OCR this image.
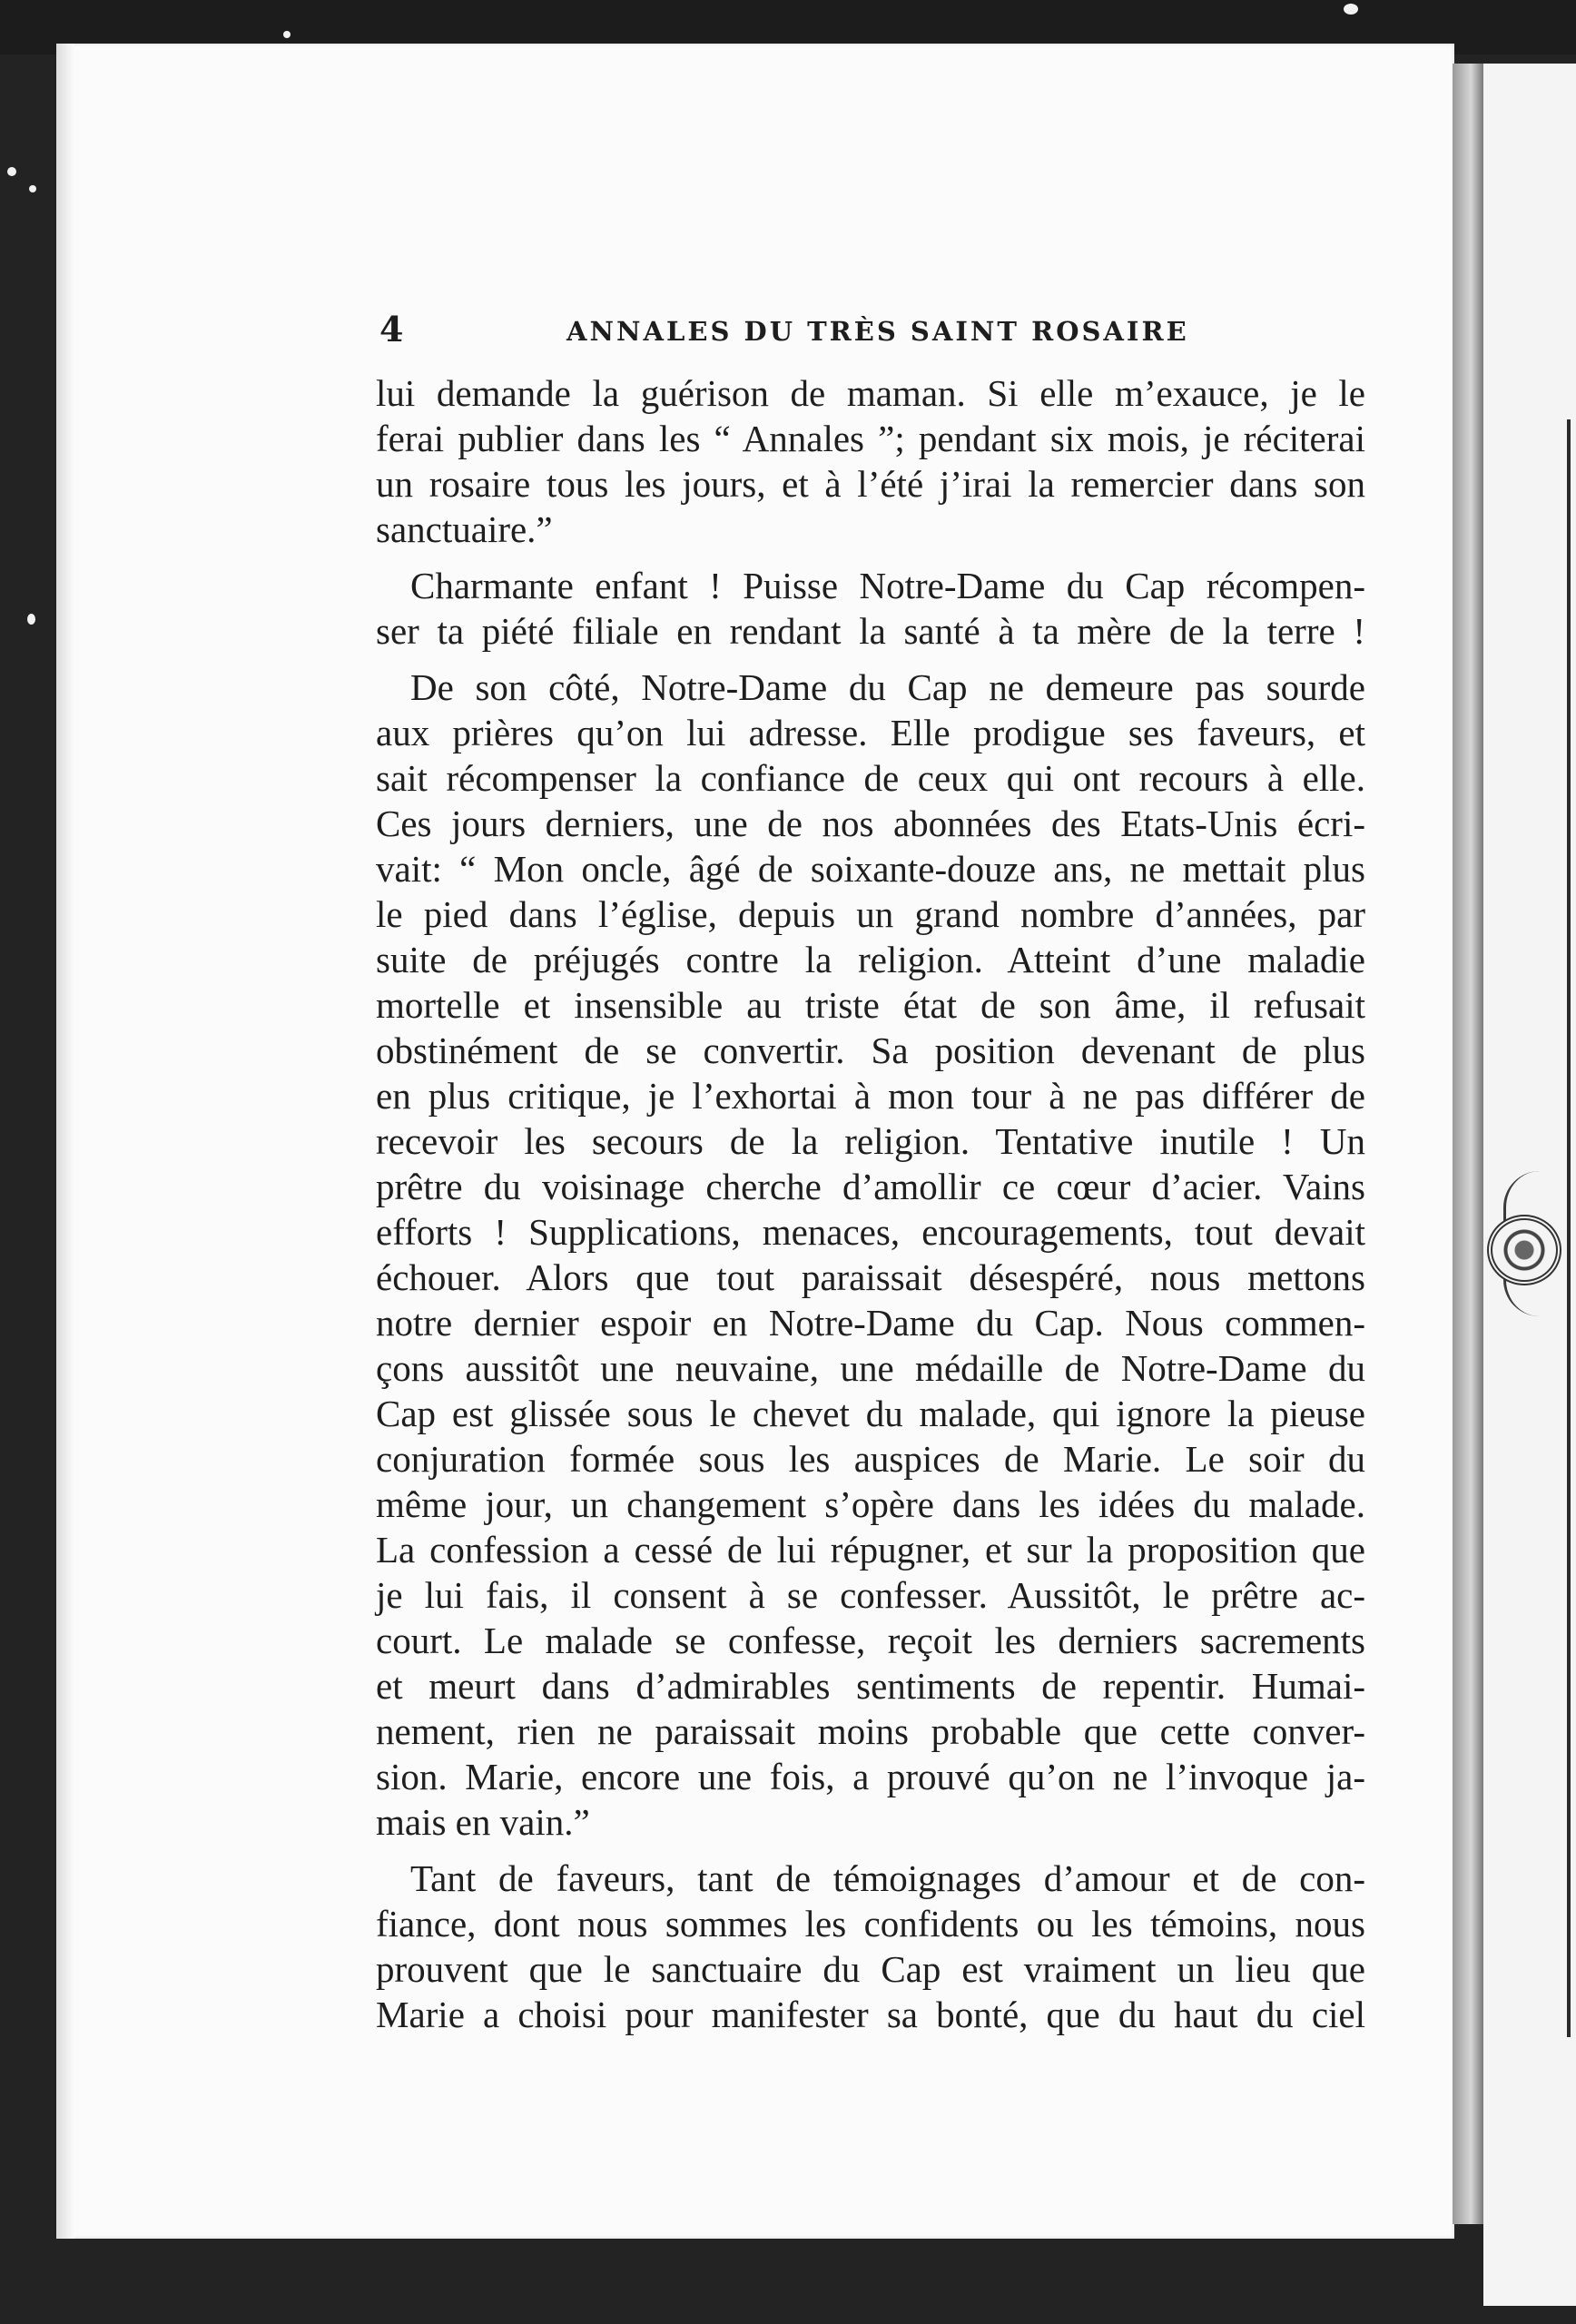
4	ANNALES DU TRÈS SAINT ROSAIRE
lui demande la guérison de maman. Si elle m’exauce, je le
ferai publier dans les “ Annales ”; pendant six mois, je réciterai
un rosaire tous les jours, et à l’été j’irai la remercier dans son
sanctuaire.”
Charmante enfant ! Puisse Notre-Dame du Cap récompen-
ser ta piété filiale en rendant la santé à ta mère de la terre !
De son côté, Notre-Dame du Cap ne demeure pas sourde
aux prières qu’on lui adresse. Elle prodigue ses faveurs, et
sait récompenser la confiance de ceux qui ont recours à elle.
Ces jours derniers, une de nos abonnées des Etats-Unis écri-
vait: “ Mon oncle, âgé de soixante-douze ans, ne mettait plus
le pied dans l’église, depuis un grand nombre d’années, par
suite de préjugés contre la religion. Atteint d’une maladie
mortelle et insensible au triste état de son âme, il refusait
obstinément de se convertir. Sa position devenant de plus
en plus critique, je l’exhortai à mon tour à ne pas différer de
recevoir les secours de la religion. Tentative inutile ! Un
prêtre du voisinage cherche d’amollir ce cœur d’acier. Vains
efforts ! Supplications, menaces, encouragements, tout devait
échouer. Alors que tout paraissait désespéré, nous mettons
notre dernier espoir en Notre-Dame du Cap. Nous commen-
çons aussitôt une neuvaine, une médaille de Notre-Dame du
Cap est glissée sous le chevet du malade, qui ignore la pieuse
conjuration formée sous les auspices de Marie. Le soir du
même jour, un changement s’opère dans les idées du malade.
La confession a cessé de lui répugner, et sur la proposition que
je lui fais, il consent à se confesser. Aussitôt, le prêtre ac-
court. Le malade se confesse, reçoit les derniers sacrements
et meurt dans d’admirables sentiments de repentir. Humai-
nement, rien ne paraissait moins probable que cette conver-
sion. Marie, encore une fois, a prouvé qu’on ne l’invoque ja-
mais en vain.”
Tant de faveurs, tant de témoignages d’amour et de con-
fiance, dont nous sommes les confidents ou les témoins, nous
prouvent que le sanctuaire du Cap est vraiment un lieu que
Marie a choisi pour manifester sa bonté, que du haut du ciel
